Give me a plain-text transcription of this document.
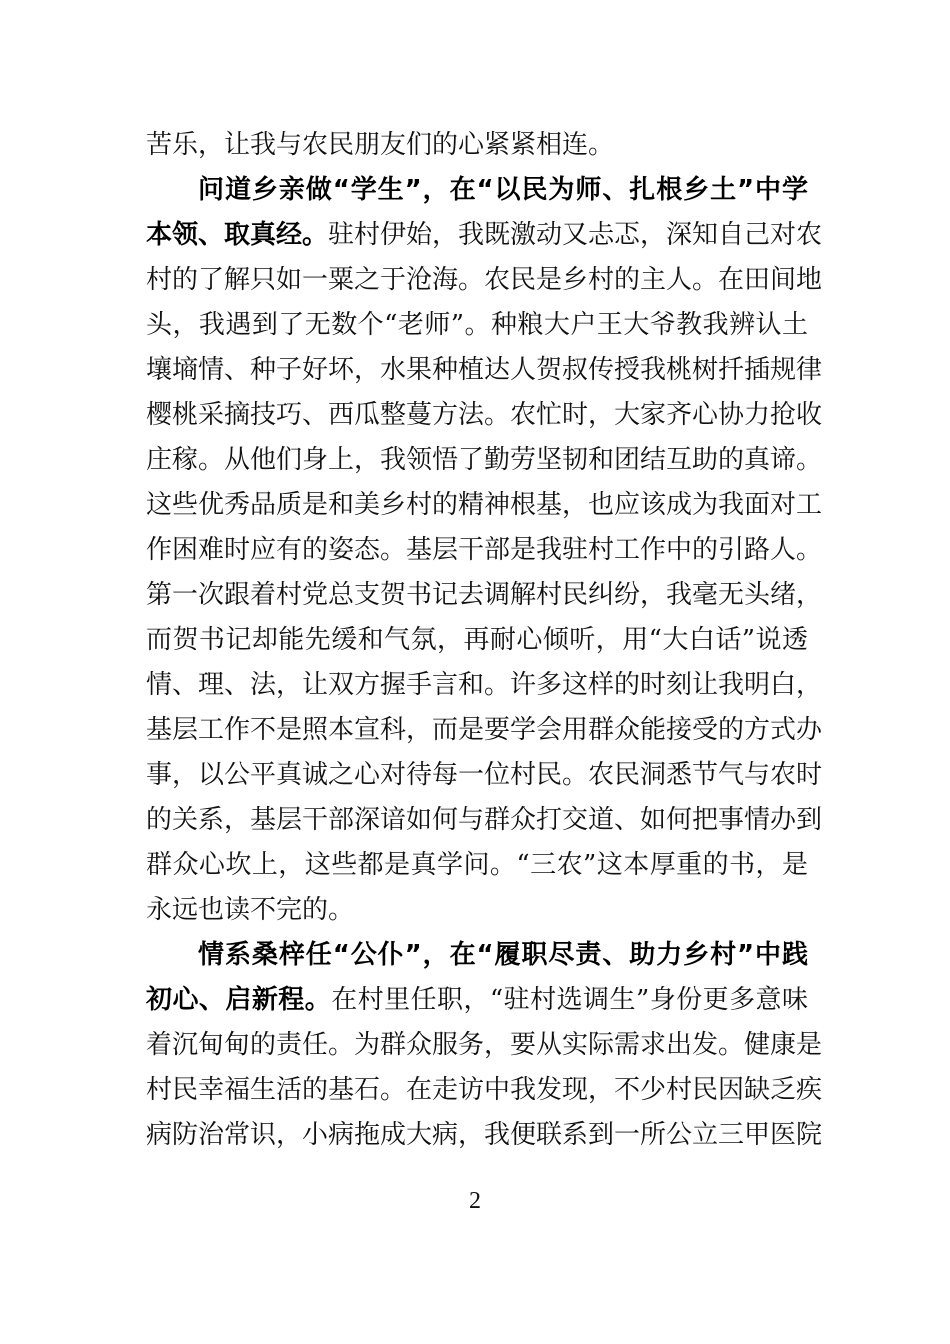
苦乐，让我与农民朋友们的心紧紧相连。
问道乡亲做“学生”，在“以民为师、扎根乡土”中学
本领、取真经。驻村伊始，我既激动又忐忑，深知自己对农
村的了解只如一粟之于沧海。农民是乡村的主人。在田间地
头，我遇到了无数个“老师”。种粮大户王大爷教我辨认土
壤墒情、种子好坏，水果种植达人贺叔传授我桃树扦插规律
樱桃采摘技巧、西瓜整蔓方法。农忙时，大家齐心协力抢收
庄稼。从他们身上，我领悟了勤劳坚韧和团结互助的真谛。
这些优秀品质是和美乡村的精神根基，也应该成为我面对工
作困难时应有的姿态。基层干部是我驻村工作中的引路人。
第一次跟着村党总支贺书记去调解村民纠纷，我毫无头绪，
而贺书记却能先缓和气氛，再耐心倾听，用“大白话”说透
情、理、法，让双方握手言和。许多这样的时刻让我明白，
基层工作不是照本宣科，而是要学会用群众能接受的方式办
事，以公平真诚之心对待每一位村民。农民洞悉节气与农时
的关系，基层干部深谙如何与群众打交道、如何把事情办到
群众心坎上，这些都是真学问。“三农”这本厚重的书，是
永远也读不完的。
情系桑梓任“公仆”，在“履职尽责、助力乡村”中践
初心、启新程。在村里任职，“驻村选调生”身份更多意味
着沉甸甸的责任。为群众服务，要从实际需求出发。健康是
村民幸福生活的基石。在走访中我发现，不少村民因缺乏疾
病防治常识，小病拖成大病，我便联系到一所公立三甲医院
2
